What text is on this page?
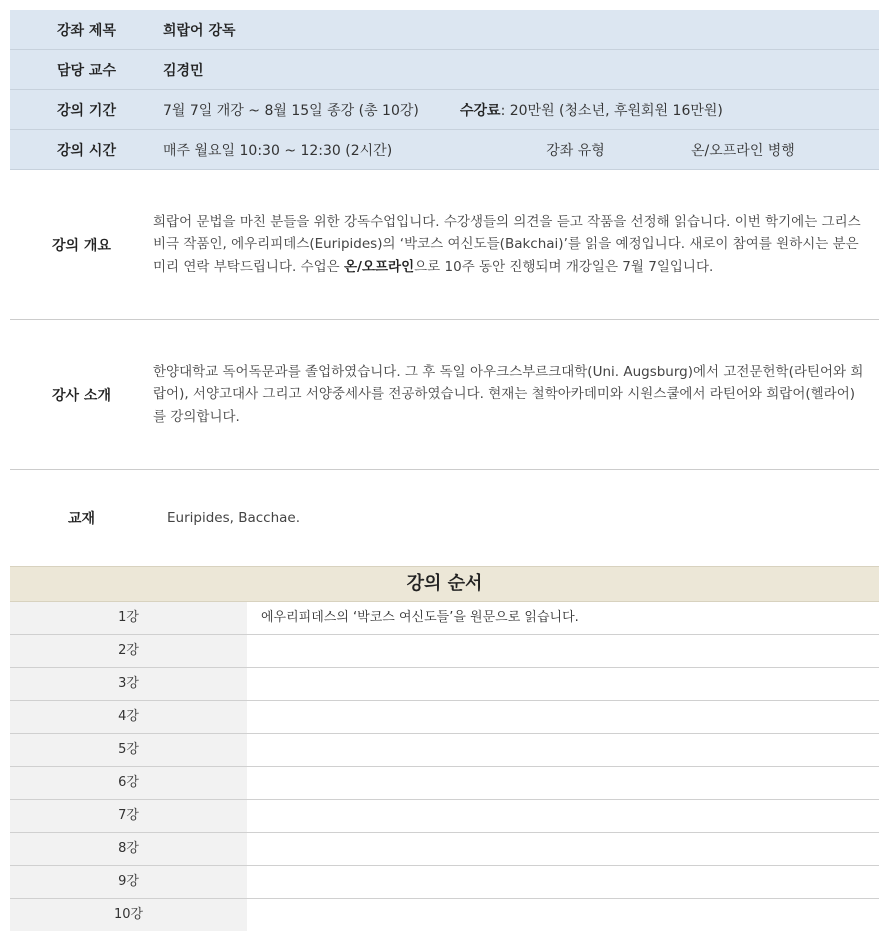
강좌 제목	희랍어 강독		
담당 교수	김경민		
강의 기간	7월 7일 개강 ~ 8월 15일 종강 (총 10강)	수강료: 20만원 (청소년, 후원회원 16만원)	
강의 시간	매주 월요일 10:30 ~ 12:30 (2시간)	강좌 유형	온/오프라인 병행
강의 개요
희랍어 문법을 마친 분들을 위한 강독수업입니다. 수강생들의 의견을 듣고 작품을 선정해 읽습니다. 이번 학기에는 그리스 비극 작품인, 에우리피데스(Euripides)의 ‘박코스 여신도들(Bakchai)’를 읽을 예정입니다. 새로이 참여를 원하시는 분은 미리 연락 부탁드립니다. 수업은 온/오프라인으로 10주 동안 진행되며 개강일은 7월 7일입니다.
강사 소개
한양대학교 독어독문과를 졸업하였습니다. 그 후 독일 아우크스부르크대학(Uni. Augsburg)에서 고전문헌학(라틴어와 희랍어), 서양고대사 그리고 서양중세사를 전공하였습니다. 현재는 철학아카데미와 시원스쿨에서 라틴어와 희랍어(헬라어)를 강의합니다.
교재	Euripides, Bacchae.
강의 순서
1강	에우리피데스의 ‘박코스 여신도들’을 원문으로 읽습니다.
2강
3강
4강
5강
6강
7강
8강
9강
10강
